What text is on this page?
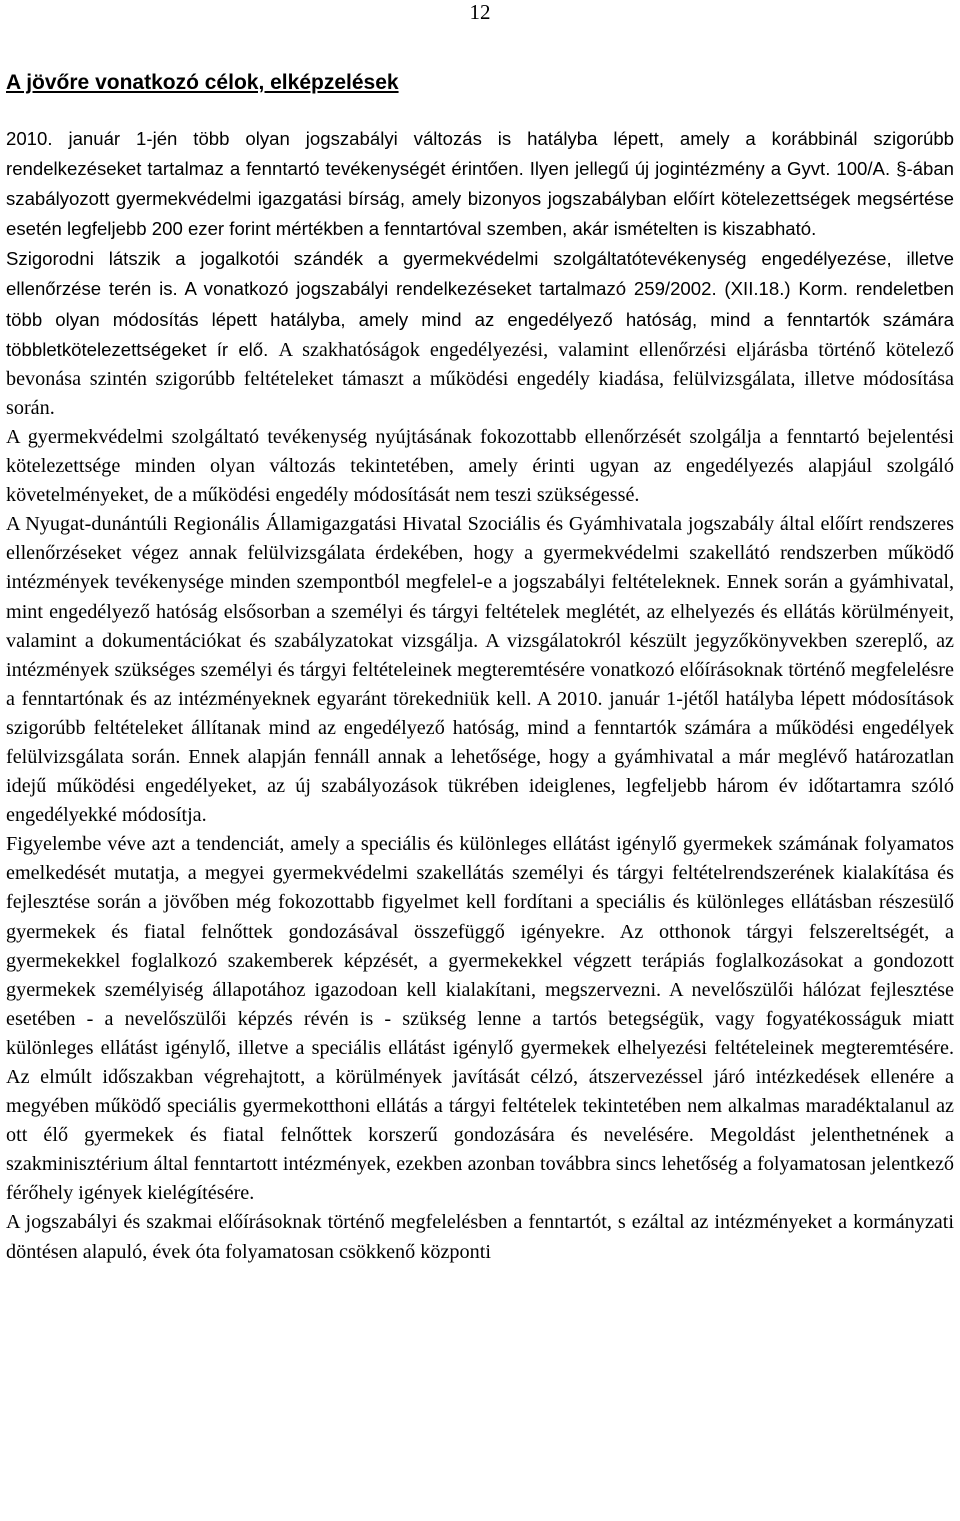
12
A jövőre vonatkozó célok, elképzelések

2010. január 1-jén több olyan jogszabályi változás is hatályba lépett, amely a korábbinál szigorúbb rendelkezéseket tartalmaz a fenntartó tevékenységét érintően. Ilyen jellegű új jogintézmény a Gyvt. 100/A. §-ában szabályozott gyermekvédelmi igazgatási bírság, amely bizonyos jogszabályban előírt kötelezettségek megsértése esetén legfeljebb 200 ezer forint mértékben a fenntartóval szemben, akár ismételten is kiszabható.

Szigorodni látszik a jogalkotói szándék a gyermekvédelmi szolgáltatótevékenység engedélyezése, illetve ellenőrzése terén is. A vonatkozó jogszabályi rendelkezéseket tartalmazó 259/2002. (XII.18.) Korm. rendeletben több olyan módosítás lépett hatályba, amely mind az engedélyező hatóság, mind a fenntartók számára többletkötelezettségeket ír elő. A szakhatóságok engedélyezési, valamint ellenőrzési eljárásba történő kötelező bevonása szintén szigorúbb feltételeket támaszt a működési engedély kiadása, felülvizsgálata, illetve módosítása során.

A gyermekvédelmi szolgáltató tevékenység nyújtásának fokozottabb ellenőrzését szolgálja a fenntartó bejelentési kötelezettsége minden olyan változás tekintetében, amely érinti ugyan az engedélyezés alapjául szolgáló követelményeket, de a működési engedély módosítását nem teszi szükségessé.

A Nyugat-dunántúli Regionális Államigazgatási Hivatal Szociális és Gyámhivatala jogszabály által előírt rendszeres ellenőrzéseket végez annak felülvizsgálata érdekében, hogy a gyermekvédelmi szakellátó rendszerben működő intézmények tevékenysége minden szempontból megfelel-e a jogszabályi feltételeknek. Ennek során a gyámhivatal, mint engedélyező hatóság elsősorban a személyi és tárgyi feltételek meglétét, az elhelyezés és ellátás körülményeit, valamint a dokumentációkat és szabályzatokat vizsgálja. A vizsgálatokról készült jegyzőkönyvekben szereplő, az intézmények szükséges személyi és tárgyi feltételeinek megteremtésére vonatkozó előírásoknak történő megfelelésre a fenntartónak és az intézményeknek egyaránt törekedniük kell. A 2010. január 1-jétől hatályba lépett módosítások szigorúbb feltételeket állítanak mind az engedélyező hatóság, mind a fenntartók számára a működési engedélyek felülvizsgálata során. Ennek alapján fennáll annak a lehetősége, hogy a gyámhivatal a már meglévő határozatlan idejű működési engedélyeket, az új szabályozások tükrében ideiglenes, legfeljebb három év időtartamra szóló engedélyekké módosítja.

Figyelembe véve azt a tendenciát, amely a speciális és különleges ellátást igénylő gyermekek számának folyamatos emelkedését mutatja, a megyei gyermekvédelmi szakellátás személyi és tárgyi feltételrendszerének kialakítása és fejlesztése során a jövőben még fokozottabb figyelmet kell fordítani a speciális és különleges ellátásban részesülő gyermekek és fiatal felnőttek gondozásával összefüggő igényekre. Az otthonok tárgyi felszereltségét, a gyermekekkel foglalkozó szakemberek képzését, a gyermekekkel végzett terápiás foglalkozásokat a gondozott gyermekek személyiség állapotához igazodoan kell kialakítani, megszervezni. A nevelőszülői hálózat fejlesztése esetében - a nevelőszülői képzés révén is - szükség lenne a tartós betegségük, vagy fogyatékosságuk miatt különleges ellátást igénylő, illetve a speciális ellátást igénylő gyermekek elhelyezési feltételeinek megteremtésére. Az elmúlt időszakban végrehajtott, a körülmények javítását célzó, átszervezéssel járó intézkedések ellenére a megyében működő speciális gyermekotthoni ellátás a tárgyi feltételek tekintetében nem alkalmas maradéktalanul az ott élő gyermekek és fiatal felnőttek korszerű gondozására és nevelésére. Megoldást jelenthetnének a szakminisztérium által fenntartott intézmények, ezekben azonban továbbra sincs lehetőség a folyamatosan jelentkező férőhely igények kielégítésére.

A jogszabályi és szakmai előírásoknak történő megfelelésben a fenntartót, s ezáltal az intézményeket a kormányzati döntésen alapuló, évek óta folyamatosan csökkenő központi
